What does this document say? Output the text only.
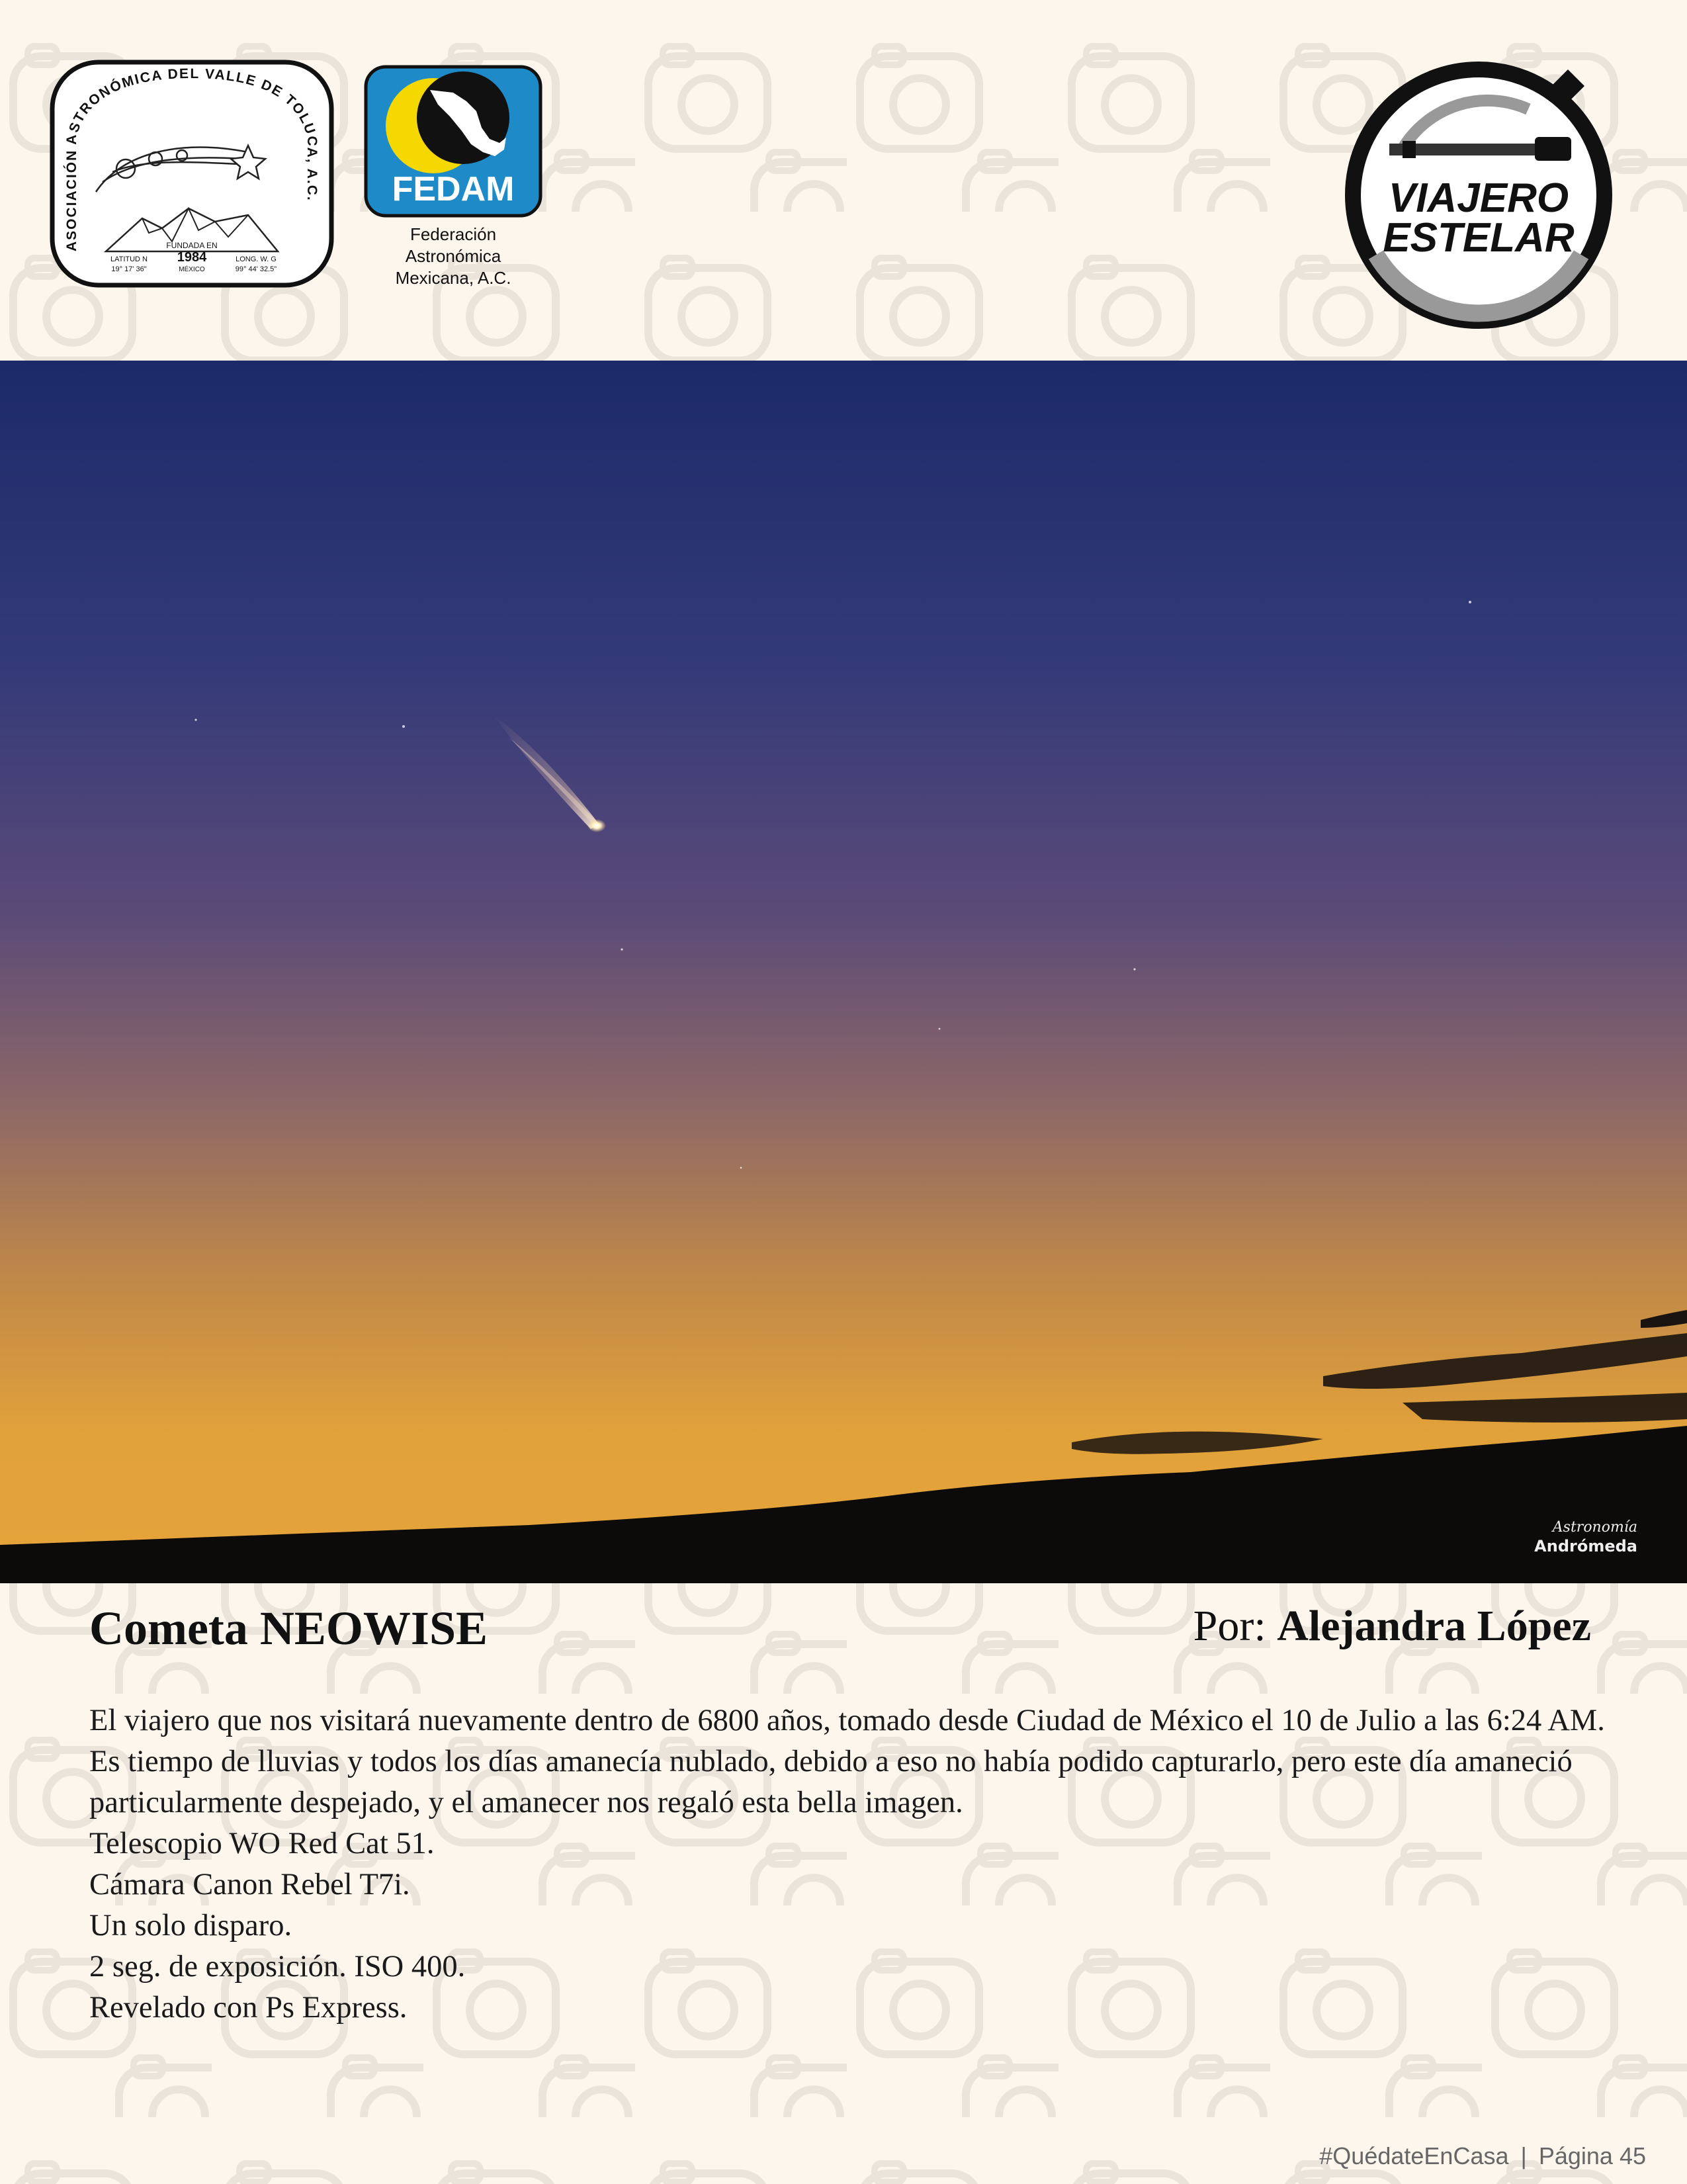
ASOCIACIÓN ASTRONÓMICA DEL VALLE DE TOLUCA, A.C.
FUNDADA EN
1984
MÉXICO
LATITUD N
19° 17' 36"
LONG. W. G
99° 44' 32.5"
FEDAM
Federación
Astronómica
Mexicana, A.C.
VIAJERO
ESTELAR
Astronomía
Andrómeda
Cometa NEOWISE	Por: Alejandra López

El viajero que nos visitará nuevamente dentro de 6800 años, tomado desde Ciudad de México el 10 de Julio a las 6:24 AM. Es tiempo de lluvias y todos los días amanecía nublado, debido a eso no había podido capturarlo, pero este día amaneció particularmente despejado, y el amanecer nos regaló esta bella imagen.

Telescopio WO Red Cat 51.

Cámara Canon Rebel T7i.

Un solo disparo.

2 seg. de exposición. ISO 400.

Revelado con Ps Express.

#QuédateEnCasa | Página 45
